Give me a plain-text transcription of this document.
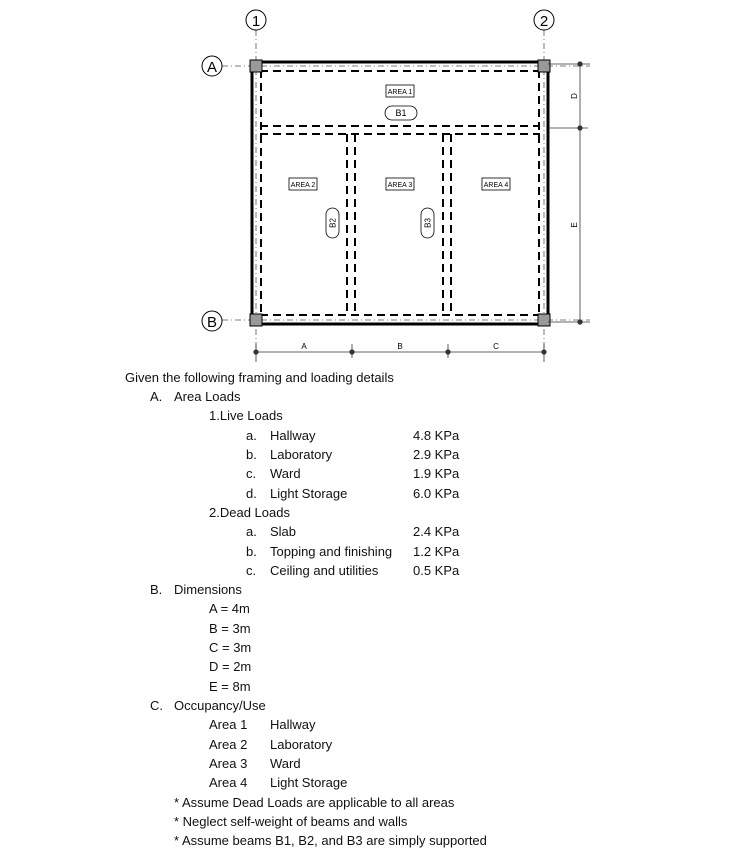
1	2
A
B
AREA 1
AREA 2	AREA 3	AREA 4
B1
B2	B3
A	B	C
D
E
Given the following framing and loading details
A. Area Loads
1.Live Loads
a. Hallway	4.8 KPa
b. Laboratory	2.9 KPa
c. Ward	1.9 KPa
d. Light Storage	6.0 KPa
2.Dead Loads
a. Slab	2.4 KPa
b. Topping and finishing 1.2 KPa
c. Ceiling and utilities	0.5 KPa
B. Dimensions
A = 4m
B = 3m
C = 3m
D = 2m
E = 8m
C. Occupancy/Use
Area 1 Hallway
Area 2 Laboratory
Area 3 Ward
Area 4 Light Storage
* Assume Dead Loads are applicable to all areas
* Neglect self-weight of beams and walls
* Assume beams B1, B2, and B3 are simply supported
